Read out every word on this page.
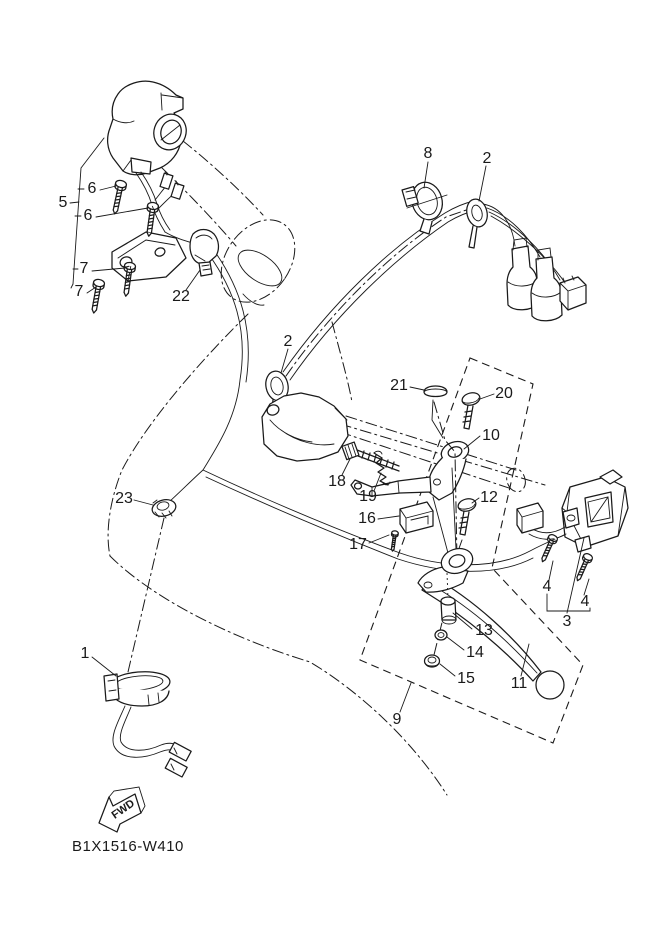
FWD
B1X1516-W410
5
6
6
7
7	22
8	2
2
21	20
10
18
19
16
17
12
23
1
13
14
15 11
9
3
4
4
